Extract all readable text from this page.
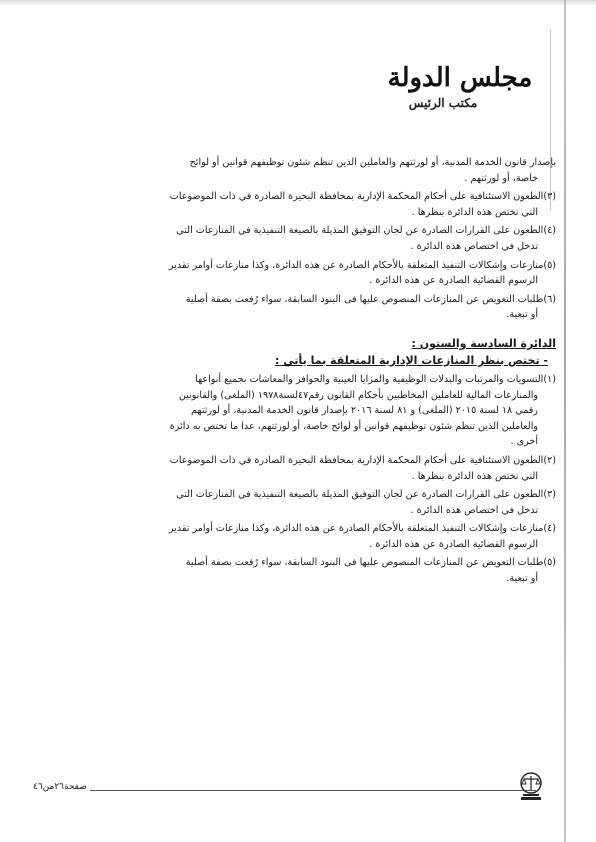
مجلس الدولة
مكتب الرئيس
بإصدار قانون الخدمة المدنية، أو لورثتهم والعاملين الذين تنظم شئون توظيفهم قوانين أو لوائح
خاصة، أو لورثتهم .
(٣)الطعون الاستئنافية على أحكام المحكمة الإدارية بمحافظة البحيرة الصادرة في ذات الموضوعات
التي تختص هذه الدائرة بنظرها .
(٤)الطعون على القرارات الصادرة عن لجان التوفيق المذيلة بالصيغة التنفيذية في المنازعات التي
تدخل في اختصاص هذه الدائرة .
(٥)منازعات وإشكالات التنفيذ المتعلقة بالأحكام الصادرة عن هذه الدائرة، وكذا منازعات أوامر تقدير
الرسوم القضائية الصادرة عن هذه الدائرة .
(٦)طلبات التعويض عن المنازعات المنصوص عليها فى البنود السابقة، سواء رُفعت بصفة أصلية
أو تبعية.
الدائرة السادسة والستون :
- تختص بنظر المنازعات الإدارية المتعلقة بما يأتي :
(١)التسويات والمرتبات والبدلات الوظيفية والمزايا العينية والحوافز والمعاشات بجميع أنواعها
والمنازعات المالية للعاملين المخاطبين بأحكام القانون رقم٤٧لسنة١٩٧٨ (الملغى) والقانونين
رقمي ١٨ لسنة ٢٠١٥ (الملغى) و ٨١ لسنة ٢٠١٦ بإصدار قانون الخدمة المدنية، أو لورثتهم
والعاملين الذين تنظم شئون توظيفهم قوانين أو لوائح خاصة، أو لورثتهم، عدا ما تختص به دائرة
أخرى .
(٢)الطعون الاستئنافية على أحكام المحكمة الإدارية بمحافظة البحيرة الصادرة في ذات الموضوعات
التي تختص هذه الدائرة بنظرها .
(٣)الطعون على القرارات الصادرة عن لجان التوفيق المذيلة بالصيغة التنفيذية في المنازعات التي
تدخل في اختصاص هذه الدائرة .
(٤)منازعات وإشكالات التنفيذ المتعلقة بالأحكام الصادرة عن هذه الدائرة، وكذا منازعات أوامر تقدير
الرسوم القضائية الصادرة عن هذه الدائرة .
(٥)طلبات التعويض عن المنازعات المنصوص عليها فى البنود السابقة، سواء رُفعت بصفة أصلية
أو تبعية.
صفحة٢٦من٤٦
